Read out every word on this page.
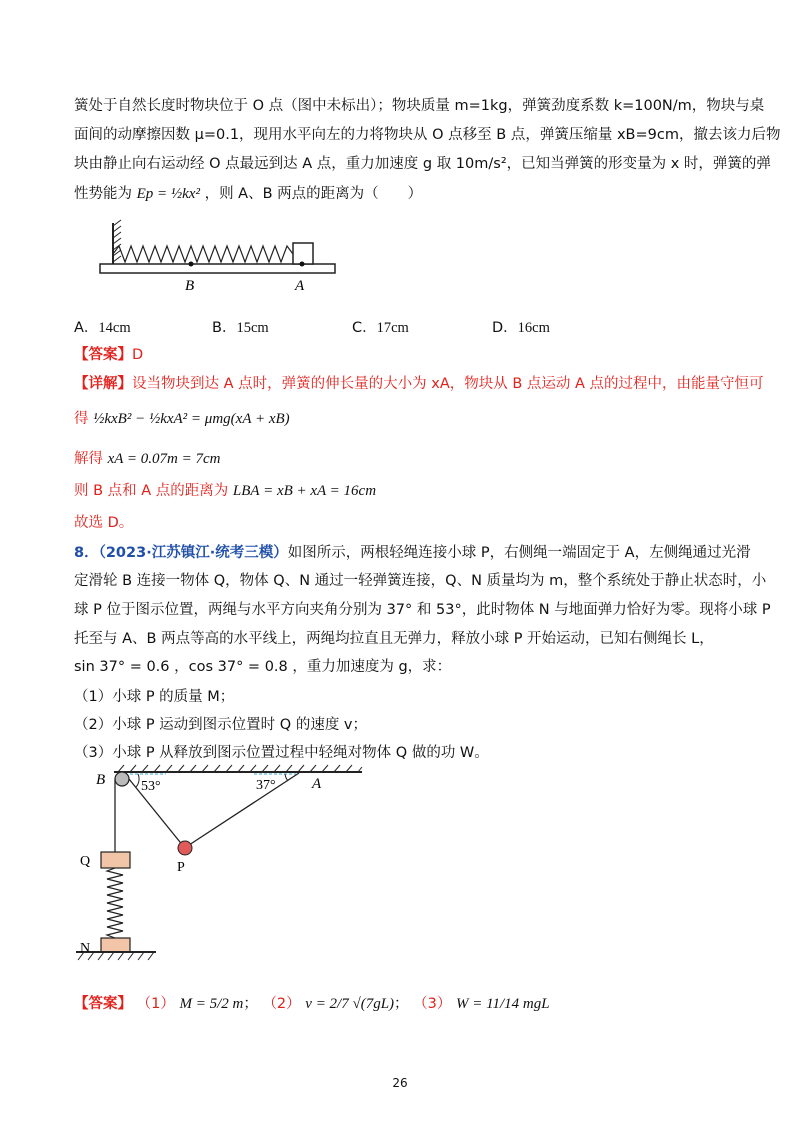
簧处于自然长度时物块位于 O 点（图中未标出）；物块质量 m=1kg，弹簧劲度系数 k=100N/m，物块与桌
面间的动摩擦因数 μ=0.1，现用水平向左的力将物块从 O 点移至 B 点，弹簧压缩量 xB=9cm，撤去该力后物
块由静止向右运动经 O 点最远到达 A 点，重力加速度 g 取 10m/s²，已知当弹簧的形变量为 x 时，弹簧的弹
性势能为 Ep = ½kx² ，则 A、B 两点的距离为（　　）
B	A
A．14cm	B．15cm	C．17cm	D．16cm
【答案】D
【详解】设当物块到达 A 点时，弹簧的伸长量的大小为 xA，物块从 B 点运动 A 点的过程中，由能量守恒可
得 ½kxB² − ½kxA² = μmg(xA + xB)
解得 xA = 0.07m = 7cm
则 B 点和 A 点的距离为 LBA = xB + xA = 16cm
故选 D。
8．（2023·江苏镇江·统考三模）如图所示，两根轻绳连接小球 P，右侧绳一端固定于 A，左侧绳通过光滑
定滑轮 B 连接一物体 Q，物体 Q、N 通过一轻弹簧连接，Q、N 质量均为 m，整个系统处于静止状态时，小
球 P 位于图示位置，两绳与水平方向夹角分别为 37° 和 53°，此时物体 N 与地面弹力恰好为零。现将小球 P
托至与 A、B 两点等高的水平线上，两绳均拉直且无弹力，释放小球 P 开始运动，已知右侧绳长 L，
sin 37° = 0.6 ，cos 37° = 0.8 ，重力加速度为 g，求：
（1）小球 P 的质量 M；
（2）小球 P 运动到图示位置时 Q 的速度 v；
（3）小球 P 从释放到图示位置过程中轻绳对物体 Q 做的功 W。
B	53°	37° A
P
Q
N
【答案】 （1） M = 5/2 m； （2） v = 2/7 √(7gL)； （3） W = 11/14 mgL
26
